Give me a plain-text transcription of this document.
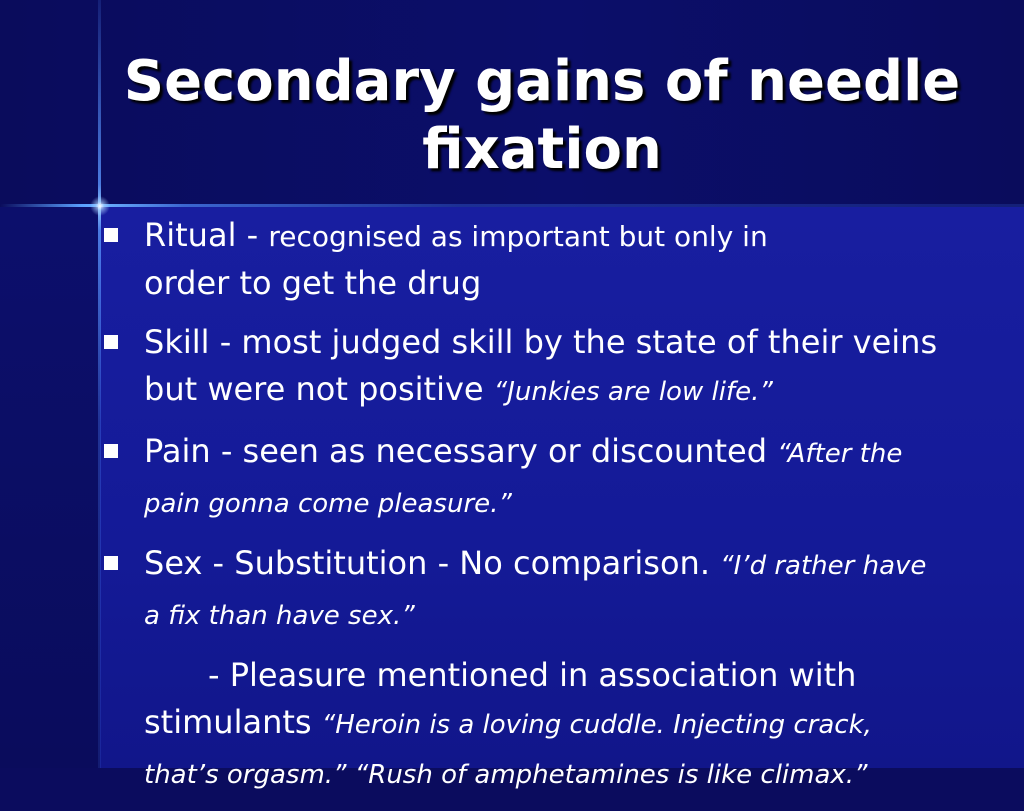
Secondary gains of needle
fixation
Ritual - recognised as important but only in
order to get the drug
Skill - most judged skill by the state of their veins
but were not positive “Junkies are low life.”
Pain - seen as necessary or discounted “After the
pain gonna come pleasure.”
Sex - Substitution - No comparison. “I’d rather have
a fix than have sex.”
- Pleasure mentioned in association with
stimulants “Heroin is a loving cuddle. Injecting crack,
that’s orgasm.” “Rush of amphetamines is like climax.”
